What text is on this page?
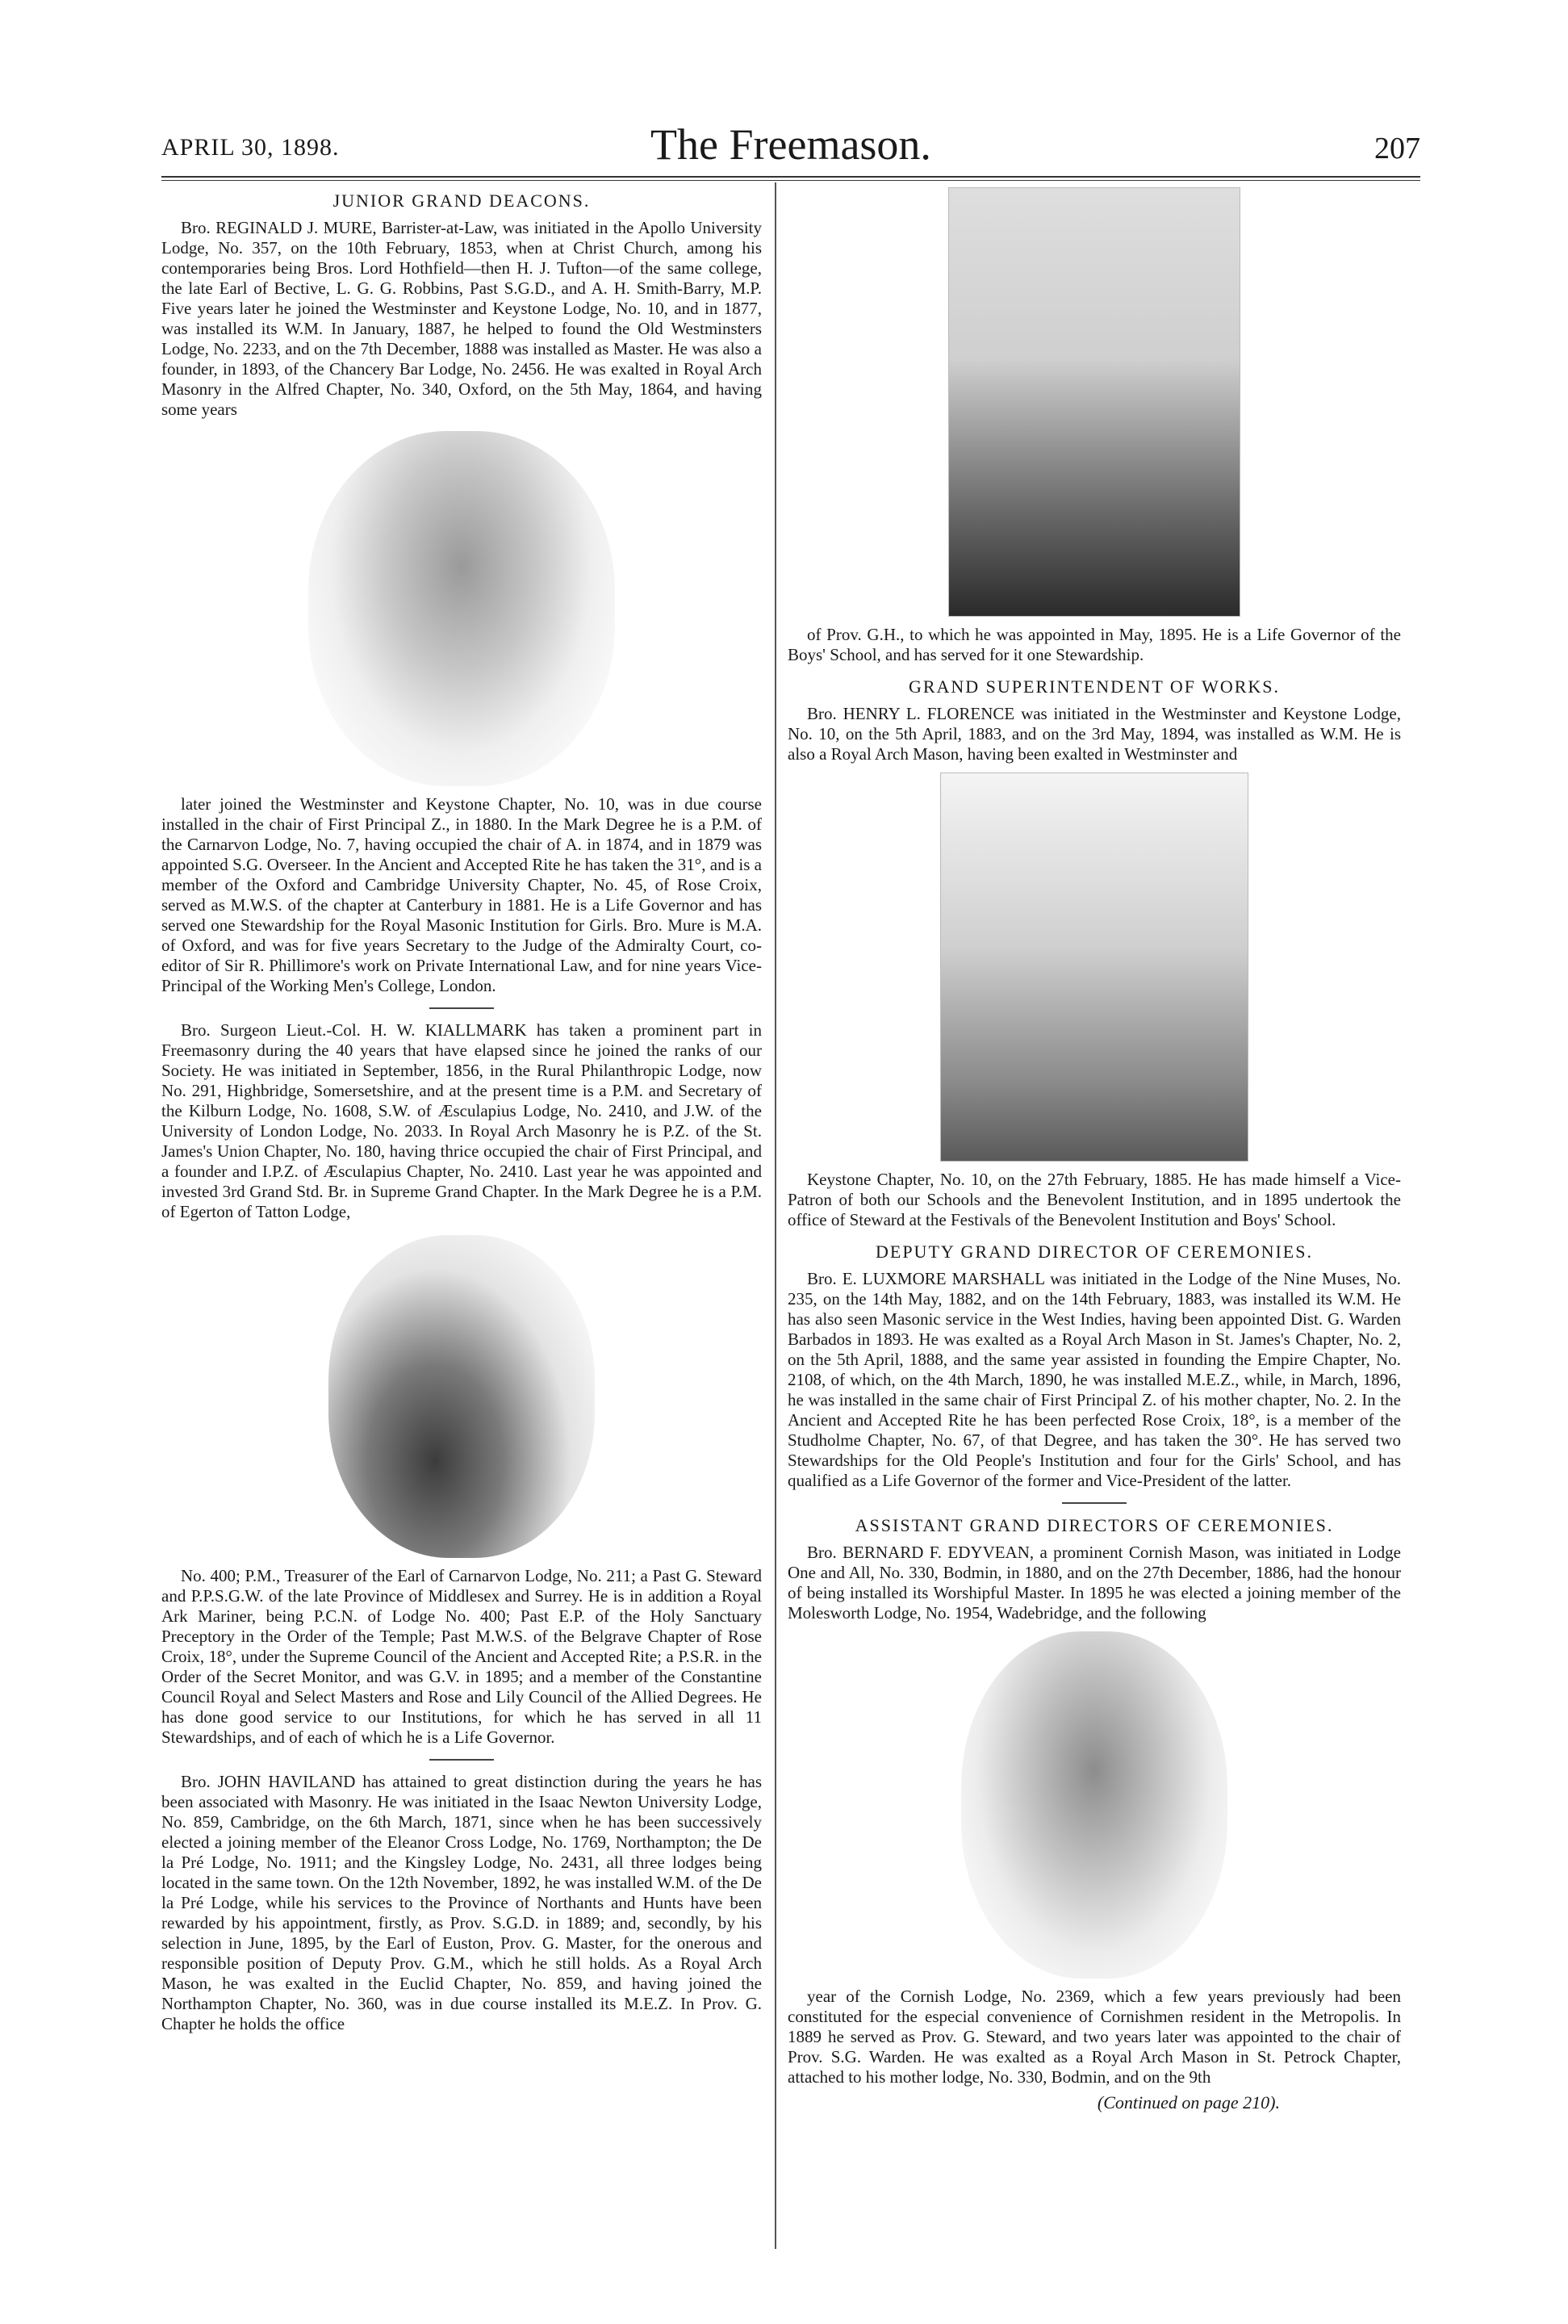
APRIL 30, 1898.	The Freemason.	207
JUNIOR GRAND DEACONS.

Bro. REGINALD J. MURE, Barrister-at-Law, was initiated in the Apollo University Lodge, No. 357, on the 10th February, 1853, when at Christ Church, among his contemporaries being Bros. Lord Hothfield—then H. J. Tufton—of the same college, the late Earl of Bective, L. G. G. Robbins, Past S.G.D., and A. H. Smith-Barry, M.P. Five years later he joined the Westminster and Keystone Lodge, No. 10, and in 1877, was installed its W.M. In January, 1887, he helped to found the Old Westminsters Lodge, No. 2233, and on the 7th December, 1888 was installed as Master. He was also a founder, in 1893, of the Chancery Bar Lodge, No. 2456. He was exalted in Royal Arch Masonry in the Alfred Chapter, No. 340, Oxford, on the 5th May, 1864, and having some years

later joined the Westminster and Keystone Chapter, No. 10, was in due course installed in the chair of First Principal Z., in 1880. In the Mark Degree he is a P.M. of the Carnarvon Lodge, No. 7, having occupied the chair of A. in 1874, and in 1879 was appointed S.G. Overseer. In the Ancient and Accepted Rite he has taken the 31°, and is a member of the Oxford and Cambridge University Chapter, No. 45, of Rose Croix, served as M.W.S. of the chapter at Canterbury in 1881. He is a Life Governor and has served one Stewardship for the Royal Masonic Institution for Girls. Bro. Mure is M.A. of Oxford, and was for five years Secretary to the Judge of the Admiralty Court, co-editor of Sir R. Phillimore's work on Private International Law, and for nine years Vice-Principal of the Working Men's College, London.

Bro. Surgeon Lieut.-Col. H. W. KIALLMARK has taken a prominent part in Freemasonry during the 40 years that have elapsed since he joined the ranks of our Society. He was initiated in September, 1856, in the Rural Philanthropic Lodge, now No. 291, Highbridge, Somersetshire, and at the present time is a P.M. and Secretary of the Kilburn Lodge, No. 1608, S.W. of Æsculapius Lodge, No. 2410, and J.W. of the University of London Lodge, No. 2033. In Royal Arch Masonry he is P.Z. of the St. James's Union Chapter, No. 180, having thrice occupied the chair of First Principal, and a founder and I.P.Z. of Æsculapius Chapter, No. 2410. Last year he was appointed and invested 3rd Grand Std. Br. in Supreme Grand Chapter. In the Mark Degree he is a P.M. of Egerton of Tatton Lodge,

No. 400; P.M., Treasurer of the Earl of Carnarvon Lodge, No. 211; a Past G. Steward and P.P.S.G.W. of the late Province of Middlesex and Surrey. He is in addition a Royal Ark Mariner, being P.C.N. of Lodge No. 400; Past E.P. of the Holy Sanctuary Preceptory in the Order of the Temple; Past M.W.S. of the Belgrave Chapter of Rose Croix, 18°, under the Supreme Council of the Ancient and Accepted Rite; a P.S.R. in the Order of the Secret Monitor, and was G.V. in 1895; and a member of the Constantine Council Royal and Select Masters and Rose and Lily Council of the Allied Degrees. He has done good service to our Institutions, for which he has served in all 11 Stewardships, and of each of which he is a Life Governor.

Bro. JOHN HAVILAND has attained to great distinction during the years he has been associated with Masonry. He was initiated in the Isaac Newton University Lodge, No. 859, Cambridge, on the 6th March, 1871, since when he has been successively elected a joining member of the Eleanor Cross Lodge, No. 1769, Northampton; the De la Pré Lodge, No. 1911; and the Kingsley Lodge, No. 2431, all three lodges being located in the same town. On the 12th November, 1892, he was installed W.M. of the De la Pré Lodge, while his services to the Province of Northants and Hunts have been rewarded by his appointment, firstly, as Prov. S.G.D. in 1889; and, secondly, by his selection in June, 1895, by the Earl of Euston, Prov. G. Master, for the onerous and responsible position of Deputy Prov. G.M., which he still holds. As a Royal Arch Mason, he was exalted in the Euclid Chapter, No. 859, and having joined the Northampton Chapter, No. 360, was in due course installed its M.E.Z. In Prov. G. Chapter he holds the office

of Prov. G.H., to which he was appointed in May, 1895. He is a Life Governor of the Boys' School, and has served for it one Stewardship.

GRAND SUPERINTENDENT OF WORKS.

Bro. HENRY L. FLORENCE was initiated in the Westminster and Keystone Lodge, No. 10, on the 5th April, 1883, and on the 3rd May, 1894, was installed as W.M. He is also a Royal Arch Mason, having been exalted in Westminster and

Keystone Chapter, No. 10, on the 27th February, 1885. He has made himself a Vice-Patron of both our Schools and the Benevolent Institution, and in 1895 undertook the office of Steward at the Festivals of the Benevolent Institution and Boys' School.

DEPUTY GRAND DIRECTOR OF CEREMONIES.

Bro. E. LUXMORE MARSHALL was initiated in the Lodge of the Nine Muses, No. 235, on the 14th May, 1882, and on the 14th February, 1883, was installed its W.M. He has also seen Masonic service in the West Indies, having been appointed Dist. G. Warden Barbados in 1893. He was exalted as a Royal Arch Mason in St. James's Chapter, No. 2, on the 5th April, 1888, and the same year assisted in founding the Empire Chapter, No. 2108, of which, on the 4th March, 1890, he was installed M.E.Z., while, in March, 1896, he was installed in the same chair of First Principal Z. of his mother chapter, No. 2. In the Ancient and Accepted Rite he has been perfected Rose Croix, 18°, is a member of the Studholme Chapter, No. 67, of that Degree, and has taken the 30°. He has served two Stewardships for the Old People's Institution and four for the Girls' School, and has qualified as a Life Governor of the former and Vice-President of the latter.

ASSISTANT GRAND DIRECTORS OF CEREMONIES.

Bro. BERNARD F. EDYVEAN, a prominent Cornish Mason, was initiated in Lodge One and All, No. 330, Bodmin, in 1880, and on the 27th December, 1886, had the honour of being installed its Worshipful Master. In 1895 he was elected a joining member of the Molesworth Lodge, No. 1954, Wadebridge, and the following

year of the Cornish Lodge, No. 2369, which a few years previously had been constituted for the especial convenience of Cornishmen resident in the Metropolis. In 1889 he served as Prov. G. Steward, and two years later was appointed to the chair of Prov. S.G. Warden. He was exalted as a Royal Arch Mason in St. Petrock Chapter, attached to his mother lodge, No. 330, Bodmin, and on the 9th

(Continued on page 210).
